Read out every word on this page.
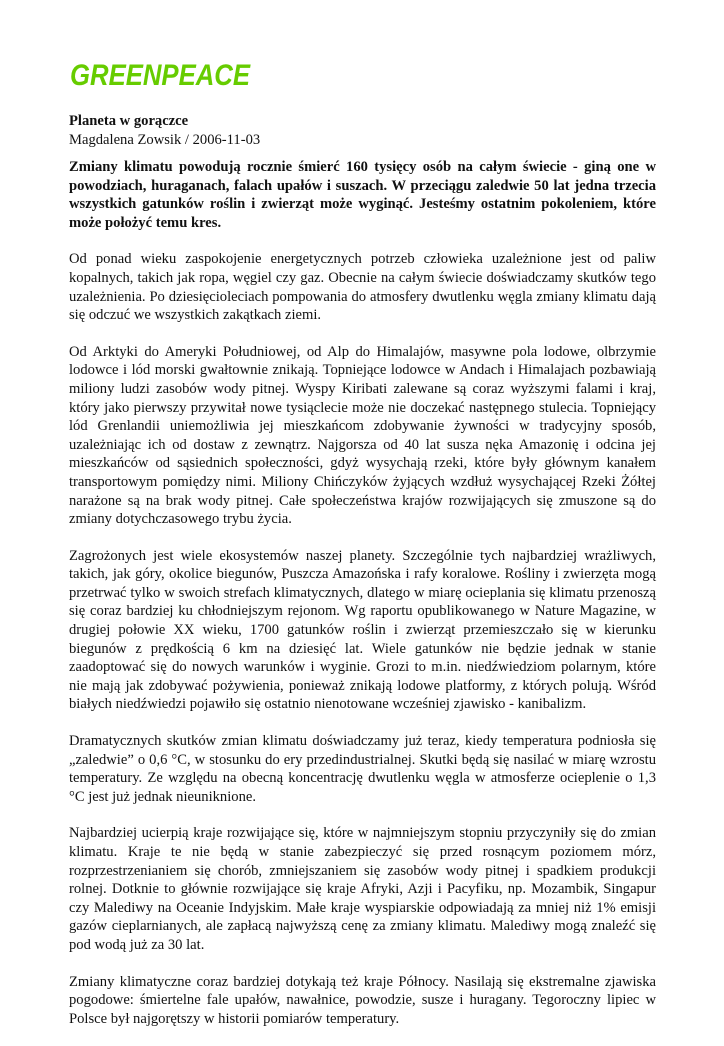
GREENPEACE

Planeta w gorączce

Magdalena Zowsik / 2006-11-03

Zmiany klimatu powodują rocznie śmierć 160 tysięcy osób na całym świecie - giną one w powodziach, huraganach, falach upałów i suszach. W przeciągu zaledwie 50 lat jedna trzecia wszystkich gatunków roślin i zwierząt może wyginąć. Jesteśmy ostatnim pokoleniem, które może położyć temu kres.

Od ponad wieku zaspokojenie energetycznych potrzeb człowieka uzależnione jest od paliw kopalnych, takich jak ropa, węgiel czy gaz. Obecnie na całym świecie doświadczamy skutków tego uzależnienia. Po dziesięcioleciach pompowania do atmosfery dwutlenku węgla zmiany klimatu dają się odczuć we wszystkich zakątkach ziemi.

Od Arktyki do Ameryki Południowej, od Alp do Himalajów, masywne pola lodowe, olbrzymie lodowce i lód morski gwałtownie znikają. Topniejące lodowce w Andach i Himalajach pozbawiają miliony ludzi zasobów wody pitnej. Wyspy Kiribati zalewane są coraz wyższymi falami i kraj, który jako pierwszy przywitał nowe tysiąclecie może nie doczekać następnego stulecia. Topniejący lód Grenlandii uniemożliwia jej mieszkańcom zdobywanie żywności w tradycyjny sposób, uzależniając ich od dostaw z zewnątrz. Najgorsza od 40 lat susza nęka Amazonię i odcina jej mieszkańców od sąsiednich społeczności, gdyż wysychają rzeki, które były głównym kanałem transportowym pomiędzy nimi. Miliony Chińczyków żyjących wzdłuż wysychającej Rzeki Żółtej narażone są na brak wody pitnej. Całe społeczeństwa krajów rozwijających się zmuszone są do zmiany dotychczasowego trybu życia.

Zagrożonych jest wiele ekosystemów naszej planety. Szczególnie tych najbardziej wrażliwych, takich, jak góry, okolice biegunów, Puszcza Amazońska i rafy koralowe. Rośliny i zwierzęta mogą przetrwać tylko w swoich strefach klimatycznych, dlatego w miarę ocieplania się klimatu przenoszą się coraz bardziej ku chłodniejszym rejonom. Wg raportu opublikowanego w Nature Magazine, w drugiej połowie XX wieku, 1700 gatunków roślin i zwierząt przemieszczało się w kierunku biegunów z prędkością 6 km na dziesięć lat. Wiele gatunków nie będzie jednak w stanie zaadoptować się do nowych warunków i wyginie. Grozi to m.in. niedźwiedziom polarnym, które nie mają jak zdobywać pożywienia, ponieważ znikają lodowe platformy, z których polują. Wśród białych niedźwiedzi pojawiło się ostatnio nienotowane wcześniej zjawisko - kanibalizm.

Dramatycznych skutków zmian klimatu doświadczamy już teraz, kiedy temperatura podniosła się „zaledwie” o 0,6 °C, w stosunku do ery przedindustrialnej. Skutki będą się nasilać w miarę wzrostu temperatury. Ze względu na obecną koncentrację dwutlenku węgla w atmosferze ocieplenie o 1,3 °C jest już jednak nieuniknione.

Najbardziej ucierpią kraje rozwijające się, które w najmniejszym stopniu przyczyniły się do zmian klimatu. Kraje te nie będą w stanie zabezpieczyć się przed rosnącym poziomem mórz, rozprzestrzenianiem się chorób, zmniejszaniem się zasobów wody pitnej i spadkiem produkcji rolnej. Dotknie to głównie rozwijające się kraje Afryki, Azji i Pacyfiku, np. Mozambik, Singapur czy Malediwy na Oceanie Indyjskim. Małe kraje wyspiarskie odpowiadają za mniej niż 1% emisji gazów cieplarnianych, ale zapłacą najwyższą cenę za zmiany klimatu. Malediwy mogą znaleźć się pod wodą już za 30 lat.

Zmiany klimatyczne coraz bardziej dotykają też kraje Północy. Nasilają się ekstremalne zjawiska pogodowe: śmiertelne fale upałów, nawałnice, powodzie, susze i huragany. Tegoroczny lipiec w Polsce był najgorętszy w historii pomiarów temperatury.
